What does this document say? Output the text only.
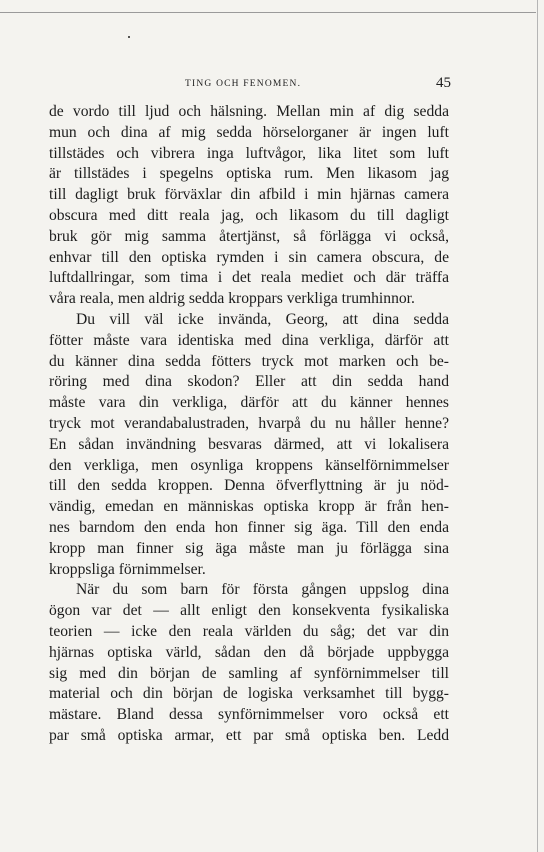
TING OCH FENOMEN.	45
de vordo till ljud och hälsning. Mellan min af dig sedda
mun och dina af mig sedda hörselorganer är ingen luft
tillstädes och vibrera inga luftvågor, lika litet som luft
är tillstädes i spegelns optiska rum. Men likasom jag
till dagligt bruk förväxlar din afbild i min hjärnas camera
obscura med ditt reala jag, och likasom du till dagligt
bruk gör mig samma återtjänst, så förlägga vi också,
enhvar till den optiska rymden i sin camera obscura, de
luftdallringar, som tima i det reala mediet och där träffa
våra reala, men aldrig sedda kroppars verkliga trumhinnor.
Du vill väl icke invända, Georg, att dina sedda
fötter måste vara identiska med dina verkliga, därför att
du känner dina sedda fötters tryck mot marken och be-
röring med dina skodon? Eller att din sedda hand
måste vara din verkliga, därför att du känner hennes
tryck mot verandabalustraden, hvarpå du nu håller henne?
En sådan invändning besvaras därmed, att vi lokalisera
den verkliga, men osynliga kroppens känselförnimmelser
till den sedda kroppen. Denna öfverflyttning är ju nöd-
vändig, emedan en människas optiska kropp är från hen-
nes barndom den enda hon finner sig äga. Till den enda
kropp man finner sig äga måste man ju förlägga sina
kroppsliga förnimmelser.
När du som barn för första gången uppslog dina
ögon var det — allt enligt den konsekventa fysikaliska
teorien — icke den reala världen du såg; det var din
hjärnas optiska värld, sådan den då började uppbygga
sig med din början de samling af synförnimmelser till
material och din början de logiska verksamhet till bygg-
mästare. Bland dessa synförnimmelser voro också ett
par små optiska armar, ett par små optiska ben. Ledd
